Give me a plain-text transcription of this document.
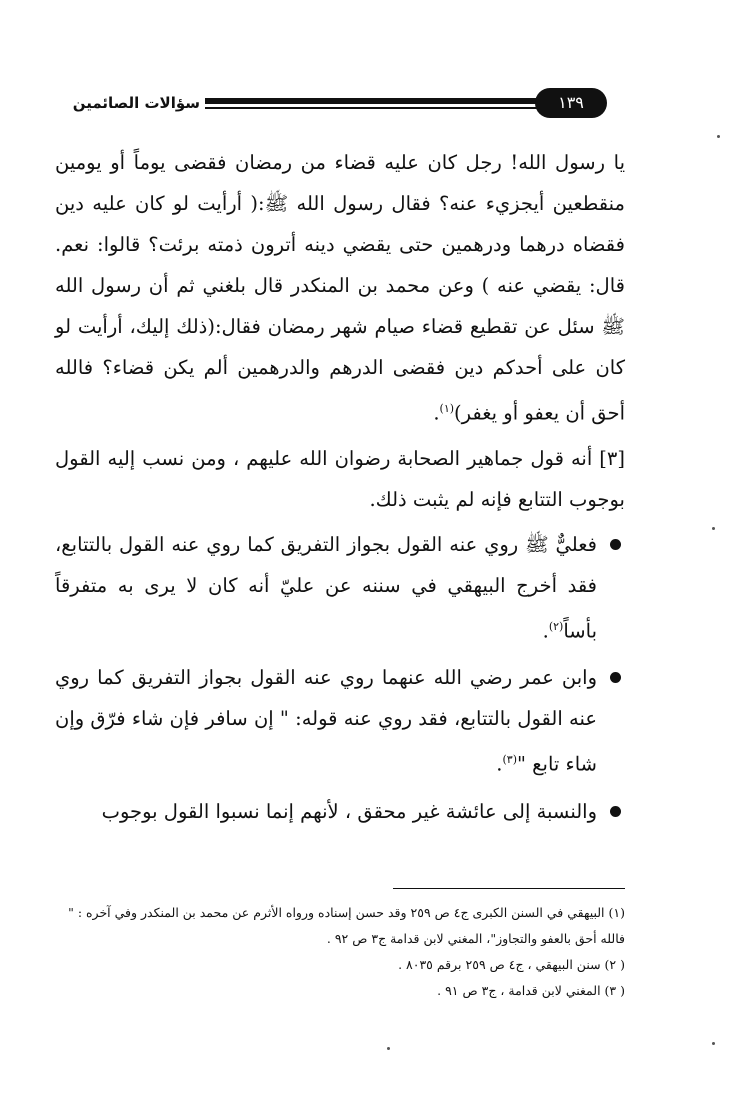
سؤالات الصائمين	١٣٩

يا رسول الله! رجل كان عليه قضاء من رمضان فقضى يوماً أو يومين منقطعين أيجزيء عنه؟ فقال رسول الله ﷺ:( أرأيت لو كان عليه دين فقضاه درهما ودرهمين حتى يقضي دينه أترون ذمته برئت؟ قالوا: نعم. قال: يقضي عنه ) وعن محمد بن المنكدر قال بلغني ثم أن رسول الله ﷺ سئل عن تقطيع قضاء صيام شهر رمضان فقال:(ذلك إليك، أرأيت لو كان على أحدكم دين فقضى الدرهم والدرهمين ألم يكن قضاء؟ فالله أحق أن يعفو أو يغفر)$^{(١)}$.

[٣] أنه قول جماهير الصحابة رضوان الله عليهم ، ومن نسب إليه القول بوجوب التتابع فإنه لم يثبت ذلك.

فعليٌّ ﷺ روي عنه القول بجواز التفريق كما روي عنه القول بالتتابع، فقد أخرج البيهقي في سننه عن عليّ أنه كان لا يرى به متفرقاً بأساً$^{(٢)}$.
وابن عمر رضي الله عنهما روي عنه القول بجواز التفريق كما روي عنه القول بالتتابع، فقد روي عنه قوله: " إن سافر فإن شاء فرّق وإن شاء تابع "$^{(٣)}$.
والنسبة إلى عائشة غير محقق ، لأنهم إنما نسبوا القول بوجوب

(١) البيهقي في السنن الكبرى ج٤ ص ٢٥٩ وقد حسن إسناده ورواه الأثرم عن محمد بن المنكدر وفي آخره : " فالله أحق بالعفو والتجاوز"، المغني لابن قدامة ج٣ ص ٩٢ .

( ٢) سنن البيهقي ، ج٤ ص ٢٥٩ برقم ٨٠٣٥ .

( ٣) المغني لابن قدامة ، ج٣ ص ٩١ .
